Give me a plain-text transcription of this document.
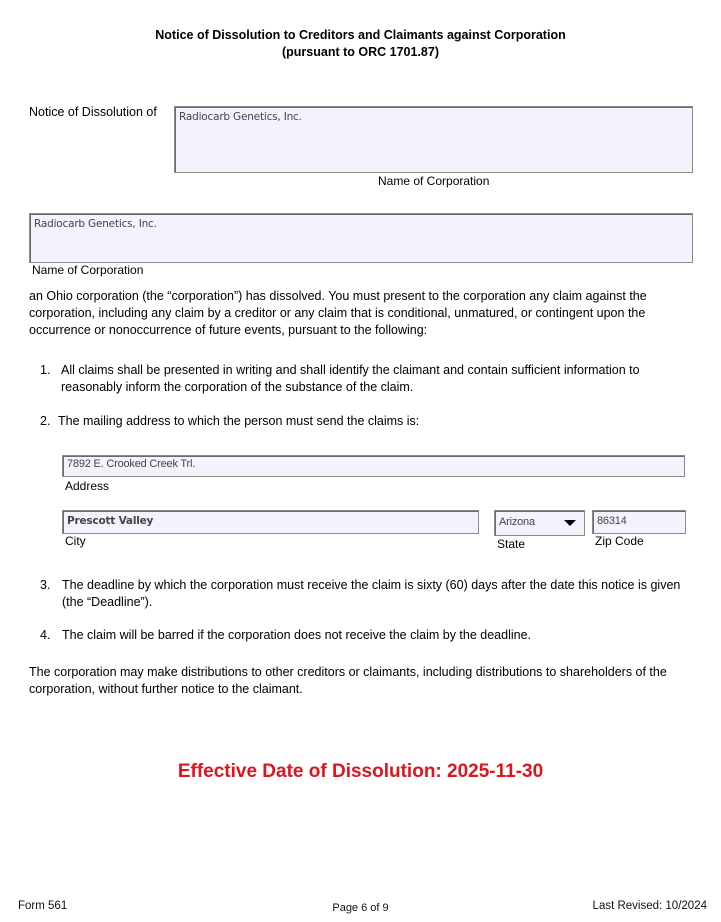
Notice of Dissolution to Creditors and Claimants against Corporation
(pursuant to ORC 1701.87)
Notice of Dissolution of Radiocarb Genetics, Inc.
Name of Corporation
Radiocarb Genetics, Inc.
Name of Corporation
an Ohio corporation (the “corporation”) has dissolved. You must present to the corporation any claim against the corporation, including any claim by a creditor or any claim that is conditional, unmatured, or contingent upon the occurrence or nonoccurrence of future events, pursuant to the following:
1. All claims shall be presented in writing and shall identify the claimant and contain sufficient information to reasonably inform the corporation of the substance of the claim.
2. The mailing address to which the person must send the claims is:
7892 E. Crooked Creek Trl.
Address
Prescott Valley
City
Arizona
State
86314
Zip Code
3. The deadline by which the corporation must receive the claim is sixty (60) days after the date this notice is given (the “Deadline”).
4. The claim will be barred if the corporation does not receive the claim by the deadline.
The corporation may make distributions to other creditors or claimants, including distributions to shareholders of the corporation, without further notice to the claimant.
Effective Date of Dissolution: 2025-11-30
Form 561	Page 6 of 9	Last Revised: 10/2024
